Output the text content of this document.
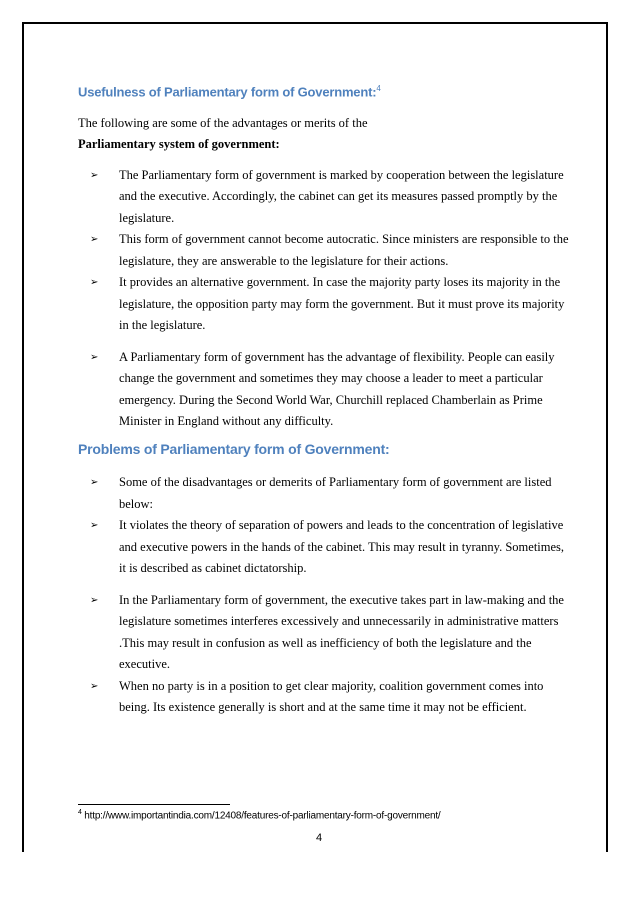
Usefulness of Parliamentary form of Government:$^4$

The following are some of the advantages or merits of the

Parliamentary system of government:

➢ The Parliamentary form of government is marked by cooperation between the legislature and the executive. Accordingly, the cabinet can get its measures passed promptly by the legislature.
➢ This form of government cannot become autocratic. Since ministers are responsible to the legislature, they are answerable to the legislature for their actions.
➢ It provides an alternative government. In case the majority party loses its majority in the legislature, the opposition party may form the government. But it must prove its majority in the legislature.
➢ A Parliamentary form of government has the advantage of flexibility. People can easily change the government and sometimes they may choose a leader to meet a particular emergency. During the Second World War, Churchill replaced Chamberlain as Prime Minister in England without any difficulty.
Problems of Parliamentary form of Government:
➢ Some of the disadvantages or demerits of Parliamentary form of government are listed below:
➢ It violates the theory of separation of powers and leads to the concentration of legislative and executive powers in the hands of the cabinet. This may result in tyranny. Sometimes, it is described as cabinet dictatorship.
➢ In the Parliamentary form of government, the executive takes part in law-making and the legislature sometimes interferes excessively and unnecessarily in administrative matters .This may result in confusion as well as inefficiency of both the legislature and the executive.
➢ When no party is in a position to get clear majority, coalition government comes into being. Its existence generally is short and at the same time it may not be efficient.
$^4$ http://www.importantindia.com/12408/features-of-parliamentary-form-of-government/
4
